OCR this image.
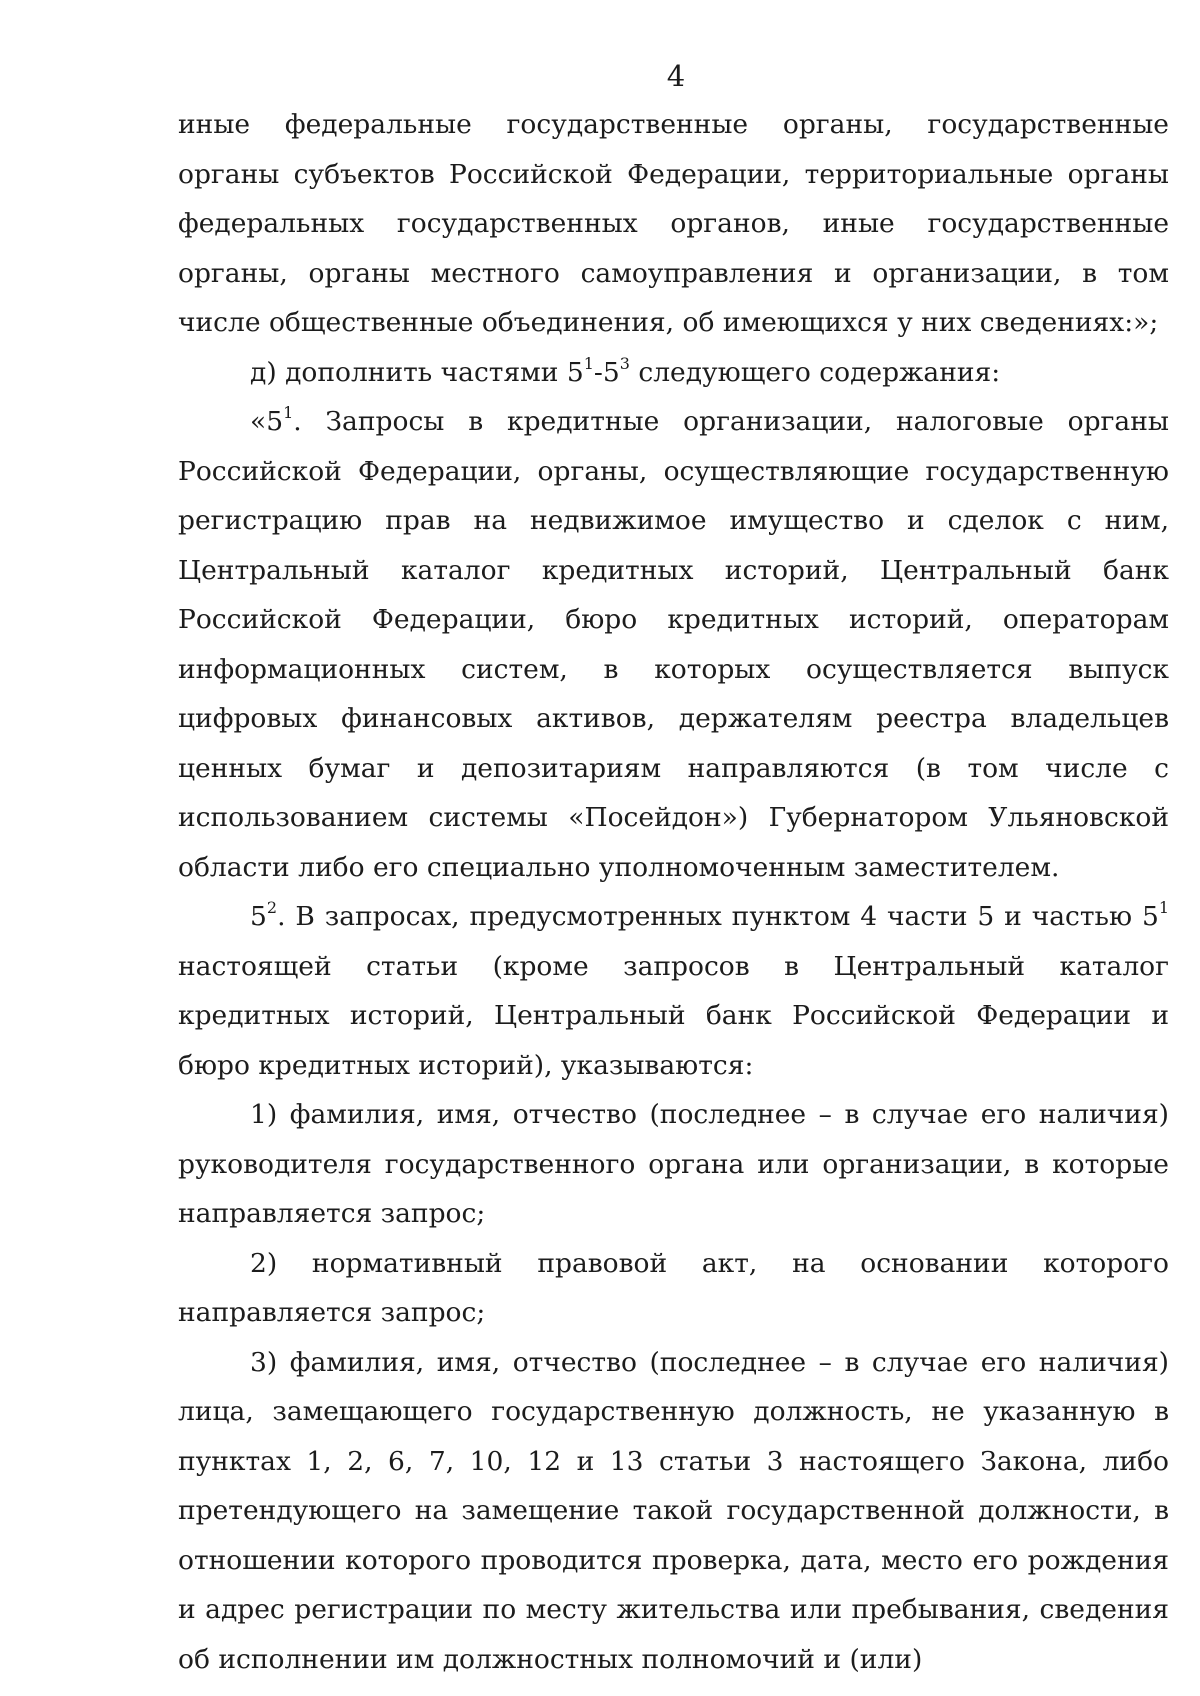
4

иные федеральные государственные органы, государственные органы субъектов Российской Федерации, территориальные органы федеральных государственных органов, иные государственные органы, органы местного самоуправления и организации, в том числе общественные объединения, об имеющихся у них сведениях:»;

д) дополнить частями $5^1-5^3$ следующего содержания:

«$5^1$. Запросы в кредитные организации, налоговые органы Российской Федерации, органы, осуществляющие государственную регистрацию прав на недвижимое имущество и сделок с ним, Центральный каталог кредитных историй, Центральный банк Российской Федерации, бюро кредитных историй, операторам информационных систем, в которых осуществляется выпуск цифровых финансовых активов, держателям реестра владельцев ценных бумаг и депозитариям направляются (в том числе с использованием системы «Посейдон») Губернатором Ульяновской области либо его специально уполномоченным заместителем.

$5^2$. В запросах, предусмотренных пунктом 4 части 5 и частью $5^1$ настоящей статьи (кроме запросов в Центральный каталог кредитных историй, Центральный банк Российской Федерации и бюро кредитных историй), указываются:

1) фамилия, имя, отчество (последнее – в случае его наличия) руководителя государственного органа или организации, в которые направляется запрос;

2) нормативный правовой акт, на основании которого направляется запрос;

3) фамилия, имя, отчество (последнее – в случае его наличия) лица, замещающего государственную должность, не указанную в пунктах 1, 2, 6, 7, 10, 12 и 13 статьи 3 настоящего Закона, либо претендующего на замещение такой государственной должности, в отношении которого проводится проверка, дата, место его рождения и адрес регистрации по месту жительства или пребывания, сведения об исполнении им должностных полномочий и (или)
